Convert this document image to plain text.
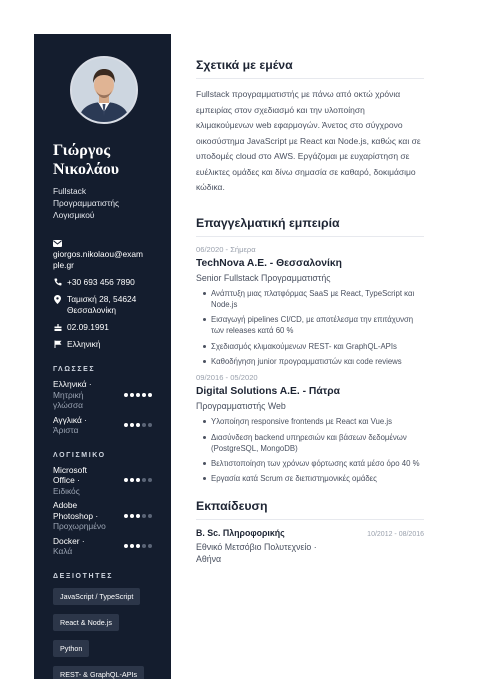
Γιώργος
Νικολάου
Fullstack
Προγραμματιστής
Λογισμικού
giorgos.nikolaou@exam
ple.gr
+30 693 456 7890
Ταμισκή 28, 54624
Θεσσαλονίκη
02.09.1991
Ελληνική
ΓΛΩΣΣΕΣ
Ελληνικά ·
Μητρική
γλώσσα
Αγγλικά ·
Άριστα
ΛΟΓΙΣΜΙΚΟ
Microsoft
Office ·
Ειδικός
Adobe
Photoshop ·
Προχωρημένο
Docker ·
Καλά
ΔΕΞΙΟΤΗΤΕΣ
JavaScript / TypeScript
React & Node.js
Python
REST- & GraphQL-APIs
Σχετικά με εμένα

Fullstack προγραμματιστής με πάνω από οκτώ χρόνια εμπειρίας στον σχεδιασμό και την υλοποίηση κλιμακούμενων web εφαρμογών. Άνετος στο σύγχρονο οικοσύστημα JavaScript με React και Node.js, καθώς και σε υποδομές cloud στο AWS. Εργάζομαι με ευχαρίστηση σε ευέλικτες ομάδες και δίνω σημασία σε καθαρό, δοκιμάσιμο κώδικα.

Επαγγελματική εμπειρία
06/2020 - Σήμερα
TechNova A.E. - Θεσσαλονίκη
Senior Fullstack Προγραμματιστής
Ανάπτυξη μιας πλατφόρμας SaaS με React, TypeScript και Node.js
Εισαγωγή pipelines CI/CD, με αποτέλεσμα την επιτάχυνση των releases κατά 60 %
Σχεδιασμός κλιμακούμενων REST- και GraphQL-APIs
Καθοδήγηση junior προγραμματιστών και code reviews
09/2016 - 05/2020
Digital Solutions A.E. - Πάτρα
Προγραμματιστής Web
Υλοποίηση responsive frontends με React και Vue.js
Διασύνδεση backend υπηρεσιών και βάσεων δεδομένων (PostgreSQL, MongoDB)
Βελτιστοποίηση των χρόνων φόρτωσης κατά μέσο όρο 40 %
Εργασία κατά Scrum σε διεπιστημονικές ομάδες
Εκπαίδευση
B. Sc. Πληροφορικής	10/2012 - 08/2016
Εθνικό Μετσόβιο Πολυτεχνείο ·
Αθήνα
